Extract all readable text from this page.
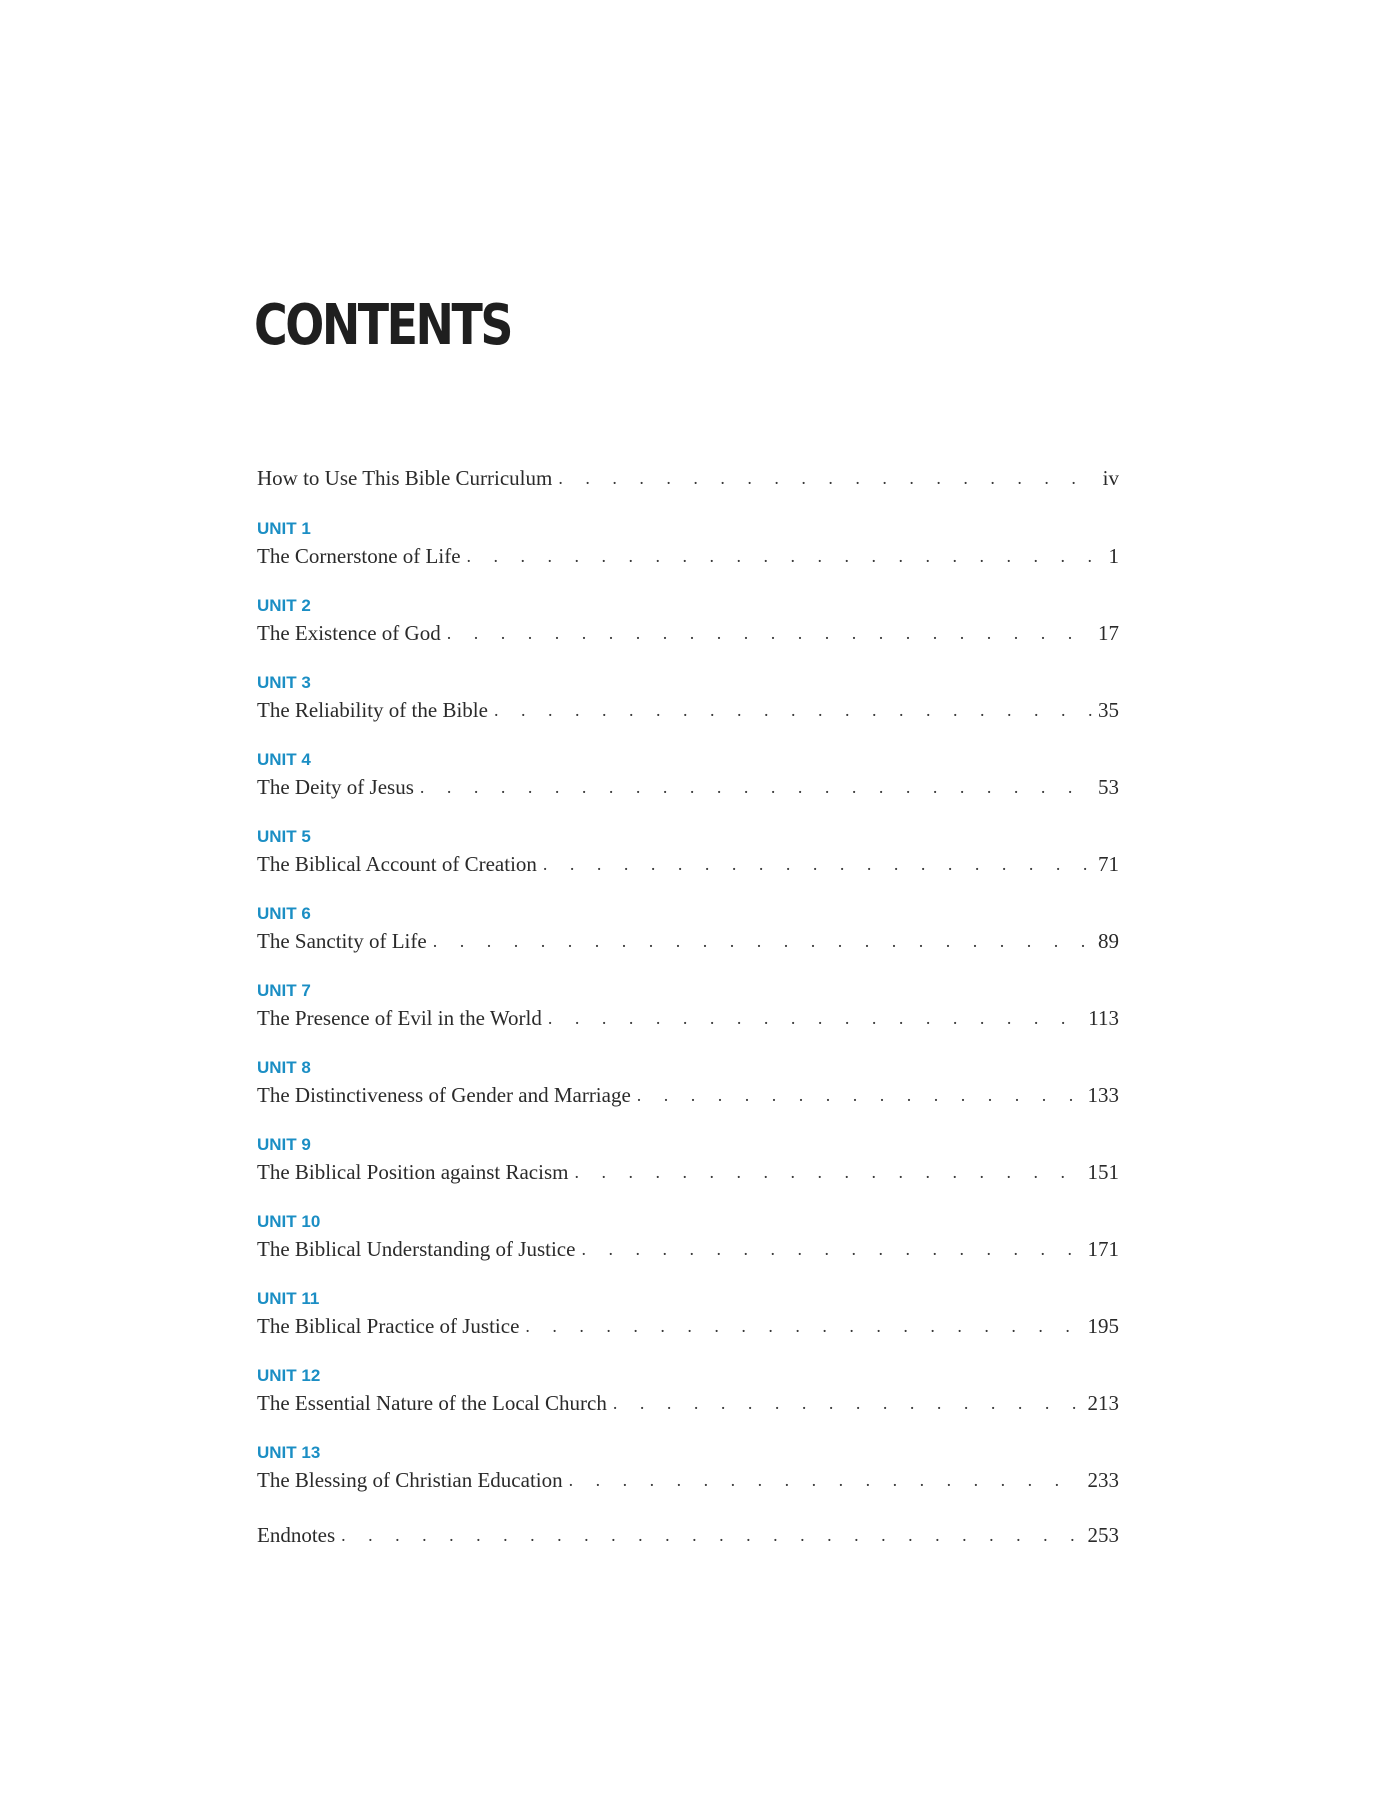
CONTENTS
How to Use This Bible Curriculum . . .	iv
UNIT 1
The Cornerstone of Life . . .	1
UNIT 2
The Existence of God . . .	17
UNIT 3
The Reliability of the Bible . . .	35
UNIT 4
The Deity of Jesus . . .	53
UNIT 5
The Biblical Account of Creation . . .	71
UNIT 6
The Sanctity of Life . . .	89
UNIT 7
The Presence of Evil in the World . . .	113
UNIT 8
The Distinctiveness of Gender and Marriage . . .	133
UNIT 9
The Biblical Position against Racism . . .	151
UNIT 10
The Biblical Understanding of Justice . . .	171
UNIT 11
The Biblical Practice of Justice . . .	195
UNIT 12
The Essential Nature of the Local Church . . .	213
UNIT 13
The Blessing of Christian Education . . .	233
Endnotes . . .	253
